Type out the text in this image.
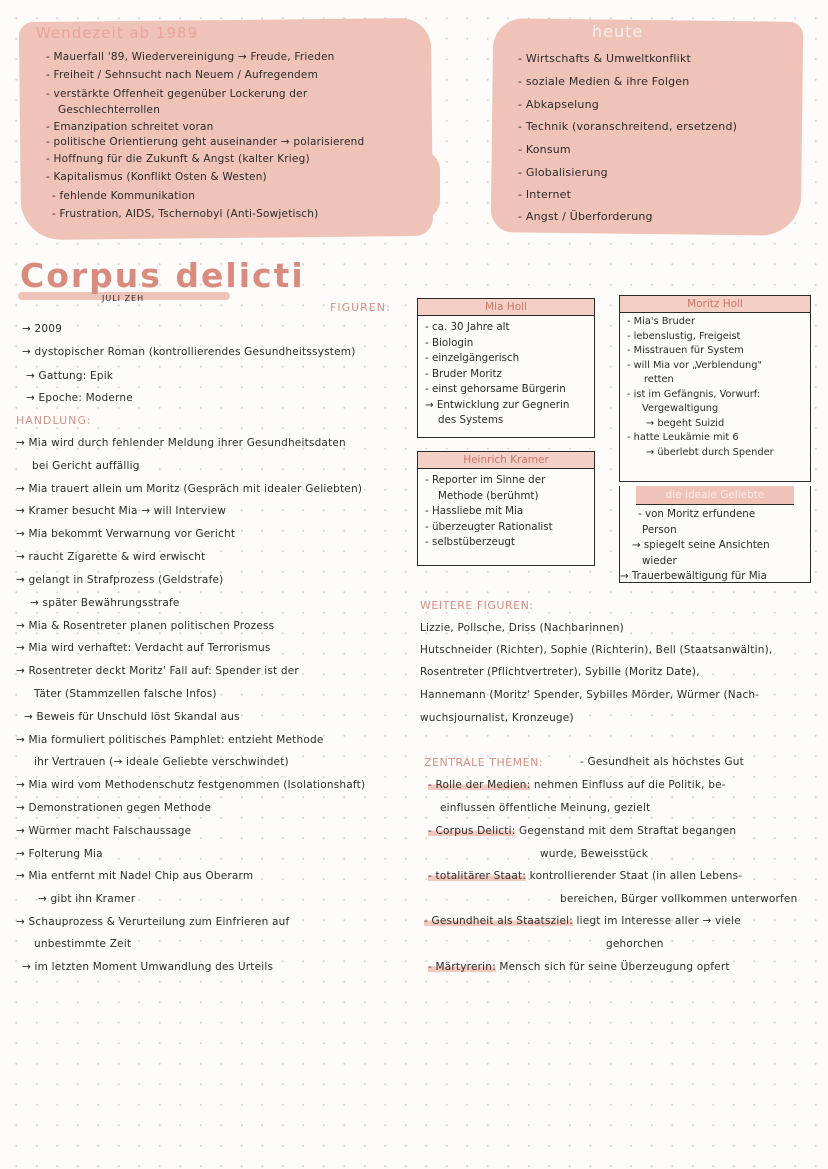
Wendezeit ab 1989
- Mauerfall '89, Wiedervereinigung → Freude, Frieden
- Freiheit / Sehnsucht nach Neuem / Aufregendem
- verstärkte Offenheit gegenüber Lockerung der
Geschlechterrollen
- Emanzipation schreitet voran
- politische Orientierung geht auseinander → polarisierend
- Hoffnung für die Zukunft & Angst (kalter Krieg)
- Kapitalismus (Konflikt Osten & Westen)
- fehlende Kommunikation
- Frustration, AIDS, Tschernobyl (Anti-Sowjetisch)
heute
- Wirtschafts & Umweltkonflikt
- soziale Medien & ihre Folgen
- Abkapselung
- Technik (voranschreitend, ersetzend)
- Konsum
- Globalisierung
- Internet
- Angst / Überforderung
Corpus delicti
JULI ZEH
FIGUREN:
→ 2009
→ dystopischer Roman (kontrollierendes Gesundheitssystem)
→ Gattung: Epik
→ Epoche: Moderne
HANDLUNG:
→ Mia wird durch fehlender Meldung ihrer Gesundheitsdaten
bei Gericht auffällig
→ Mia trauert allein um Moritz (Gespräch mit idealer Geliebten)
→ Kramer besucht Mia → will Interview
→ Mia bekommt Verwarnung vor Gericht
→ raucht Zigarette & wird erwischt
→ gelangt in Strafprozess (Geldstrafe)
→ später Bewährungsstrafe
→ Mia & Rosentreter planen politischen Prozess
→ Mia wird verhaftet: Verdacht auf Terrorismus
→ Rosentreter deckt Moritz' Fall auf: Spender ist der
Täter (Stammzellen falsche Infos)
→ Beweis für Unschuld löst Skandal aus
→ Mia formuliert politisches Pamphlet: entzieht Methode
ihr Vertrauen (→ ideale Geliebte verschwindet)
→ Mia wird vom Methodenschutz festgenommen (Isolationshaft)
→ Demonstrationen gegen Methode
→ Würmer macht Falschaussage
→ Folterung Mia
→ Mia entfernt mit Nadel Chip aus Oberarm
→ gibt ihn Kramer
→ Schauprozess & Verurteilung zum Einfrieren auf
unbestimmte Zeit
→ im letzten Moment Umwandlung des Urteils
Mia Holl
- ca. 30 Jahre alt
- Biologin
- einzelgängerisch
- Bruder Moritz
- einst gehorsame Bürgerin
→ Entwicklung zur Gegnerin
des Systems
Moritz Holl
- Mia's Bruder
- lebenslustig, Freigeist
- Misstrauen für System
- will Mia vor „Verblendung"
retten
- ist im Gefängnis, Vorwurf:
Vergewaltigung
→ begeht Suizid
- hatte Leukämie mit 6
→ überlebt durch Spender
Heinrich Kramer
- Reporter im Sinne der
Methode (berühmt)
- Hassliebe mit Mia
- überzeugter Rationalist
- selbstüberzeugt
die ideale Geliebte
- von Moritz erfundene
Person
→ spiegelt seine Ansichten
wieder
→ Trauerbewältigung für Mia
WEITERE FIGUREN:
Lizzie, Pollsche, Driss (Nachbarinnen)
Hutschneider (Richter), Sophie (Richterin), Bell (Staatsanwältin),
Rosentreter (Pflichtvertreter), Sybille (Moritz Date),
Hannemann (Moritz' Spender, Sybilles Mörder, Würmer (Nach-
wuchsjournalist, Kronzeuge)
ZENTRALE THEMEN:	- Gesundheit als höchstes Gut
- Rolle der Medien: nehmen Einfluss auf die Politik, be-
einflussen öffentliche Meinung, gezielt
- Corpus Delicti: Gegenstand mit dem Straftat begangen
wurde, Beweisstück
- totalitärer Staat: kontrollierender Staat (in allen Lebens-
bereichen, Bürger vollkommen unterworfen
- Gesundheit als Staatsziel: liegt im Interesse aller → viele
gehorchen
- Märtyrerin: Mensch sich für seine Überzeugung opfert
